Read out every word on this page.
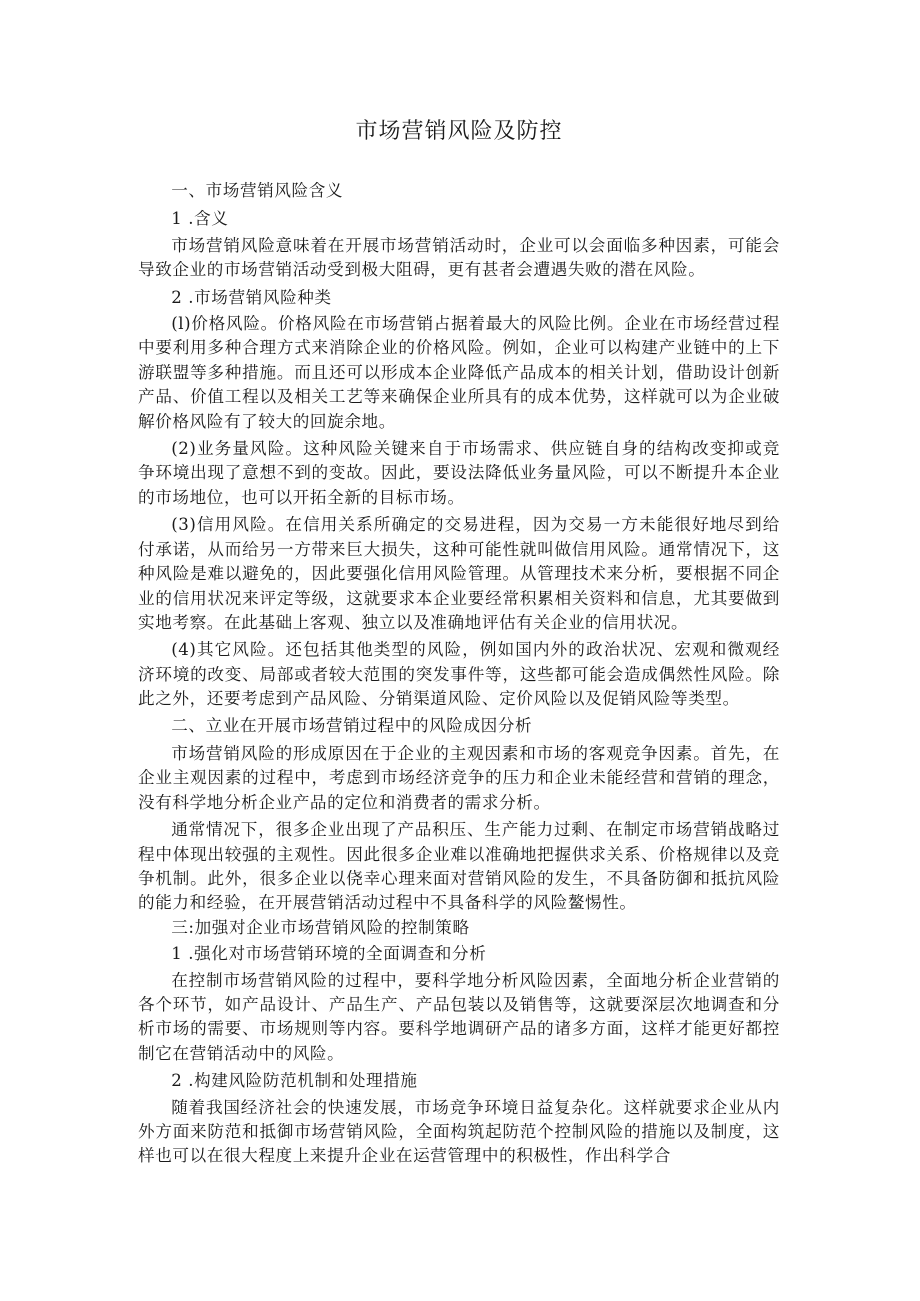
市场营销风险及防控
一、市场营销风险含义
1 .含义

市场营销风险意味着在开展市场营销活动时，企业可以会面临多种因素，可能会导致企业的市场营销活动受到极大阻碍，更有甚者会遭遇失败的潜在风险。

2 .市场营销风险种类

(l)价格风险。价格风险在市场营销占据着最大的风险比例。企业在市场经营过程中要利用多种合理方式来消除企业的价格风险。例如，企业可以构建产业链中的上下游联盟等多种措施。而且还可以形成本企业降低产品成本的相关计划，借助设计创新产品、价值工程以及相关工艺等来确保企业所具有的成本优势，这样就可以为企业破解价格风险有了较大的回旋余地。

(2)业务量风险。这种风险关键来自于市场需求、供应链自身的结构改变抑或竞争环境出现了意想不到的变故。因此，要设法降低业务量风险，可以不断提升本企业的市场地位，也可以开拓全新的目标市场。

(3)信用风险。在信用关系所确定的交易进程，因为交易一方未能很好地尽到给付承诺，从而给另一方带来巨大损失，这种可能性就叫做信用风险。通常情况下，这种风险是难以避免的，因此要强化信用风险管理。从管理技术来分析，要根据不同企业的信用状况来评定等级，这就要求本企业要经常积累相关资料和信息，尤其要做到实地考察。在此基础上客观、独立以及准确地评估有关企业的信用状况。

(4)其它风险。还包括其他类型的风险，例如国内外的政治状况、宏观和微观经济环境的改变、局部或者较大范围的突发事件等，这些都可能会造成偶然性风险。除此之外，还要考虑到产品风险、分销渠道风险、定价风险以及促销风险等类型。

二、立业在开展市场营销过程中的风险成因分析

市场营销风险的形成原因在于企业的主观因素和市场的客观竞争因素。首先，在企业主观因素的过程中，考虑到市场经济竞争的压力和企业未能经营和营销的理念，没有科学地分析企业产品的定位和消费者的需求分析。

通常情况下，很多企业出现了产品积压、生产能力过剩、在制定市场营销战略过程中体现出较强的主观性。因此很多企业难以准确地把握供求关系、价格规律以及竞争机制。此外，很多企业以侥幸心理来面对营销风险的发生，不具备防御和抵抗风险的能力和经验，在开展营销活动过程中不具备科学的风险鳌惕性。

三:加强对企业市场营销风险的控制策略
1 .强化对市场营销环境的全面调查和分析

在控制市场营销风险的过程中，要科学地分析风险因素，全面地分析企业营销的各个环节，如产品设计、产品生产、产品包装以及销售等，这就要深层次地调查和分析市场的需要、市场规则等内容。要科学地调研产品的诸多方面，这样才能更好都控制它在营销活动中的风险。

2 .构建风险防范机制和处理措施

随着我国经济社会的快速发展，市场竞争环境日益复杂化。这样就要求企业从内外方面来防范和抵御市场营销风险，全面构筑起防范个控制风险的措施以及制度，这样也可以在很大程度上来提升企业在运营管理中的积极性，作出科学合
